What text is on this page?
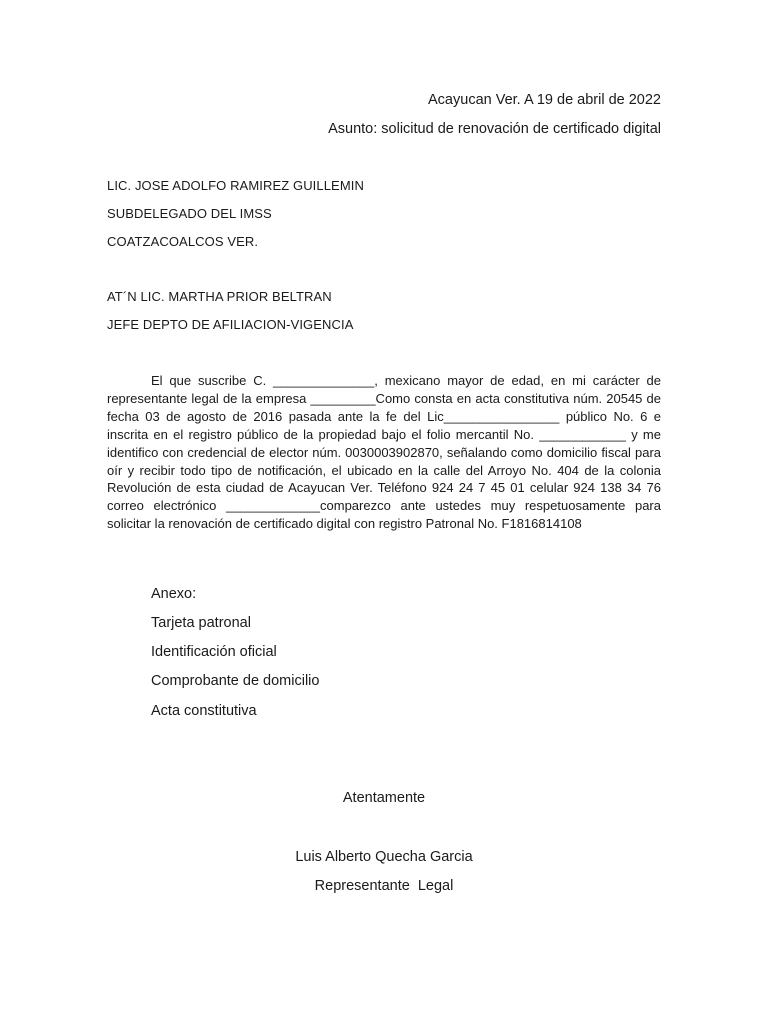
Acayucan Ver. A 19 de abril de 2022
Asunto: solicitud de renovación de certificado digital
LIC. JOSE ADOLFO RAMIREZ GUILLEMIN
SUBDELEGADO DEL IMSS
COATZACOALCOS VER.
AT´N LIC. MARTHA PRIOR BELTRAN
JEFE DEPTO DE AFILIACION-VIGENCIA

El que suscribe C. ______________, mexicano mayor de edad, en mi carácter de representante legal de la empresa _________Como consta en acta constitutiva núm. 20545 de fecha 03 de agosto de 2016 pasada ante la fe del Lic________________ público No. 6 e inscrita en el registro público de la propiedad bajo el folio mercantil No. ____________ y me identifico con credencial de elector núm. 0030003902870, señalando como domicilio fiscal para oír y recibir todo tipo de notificación, el ubicado en la calle del Arroyo No. 404 de la colonia Revolución de esta ciudad de Acayucan Ver. Teléfono 924 24 7 45 01 celular 924 138 34 76 correo electrónico _____________comparezco ante ustedes muy respetuosamente para solicitar la renovación de certificado digital con registro Patronal No. F1816814108

Anexo:
Tarjeta patronal
Identificación oficial
Comprobante de domicilio
Acta constitutiva
Atentamente
Luis Alberto Quecha Garcia
Representante  Legal
